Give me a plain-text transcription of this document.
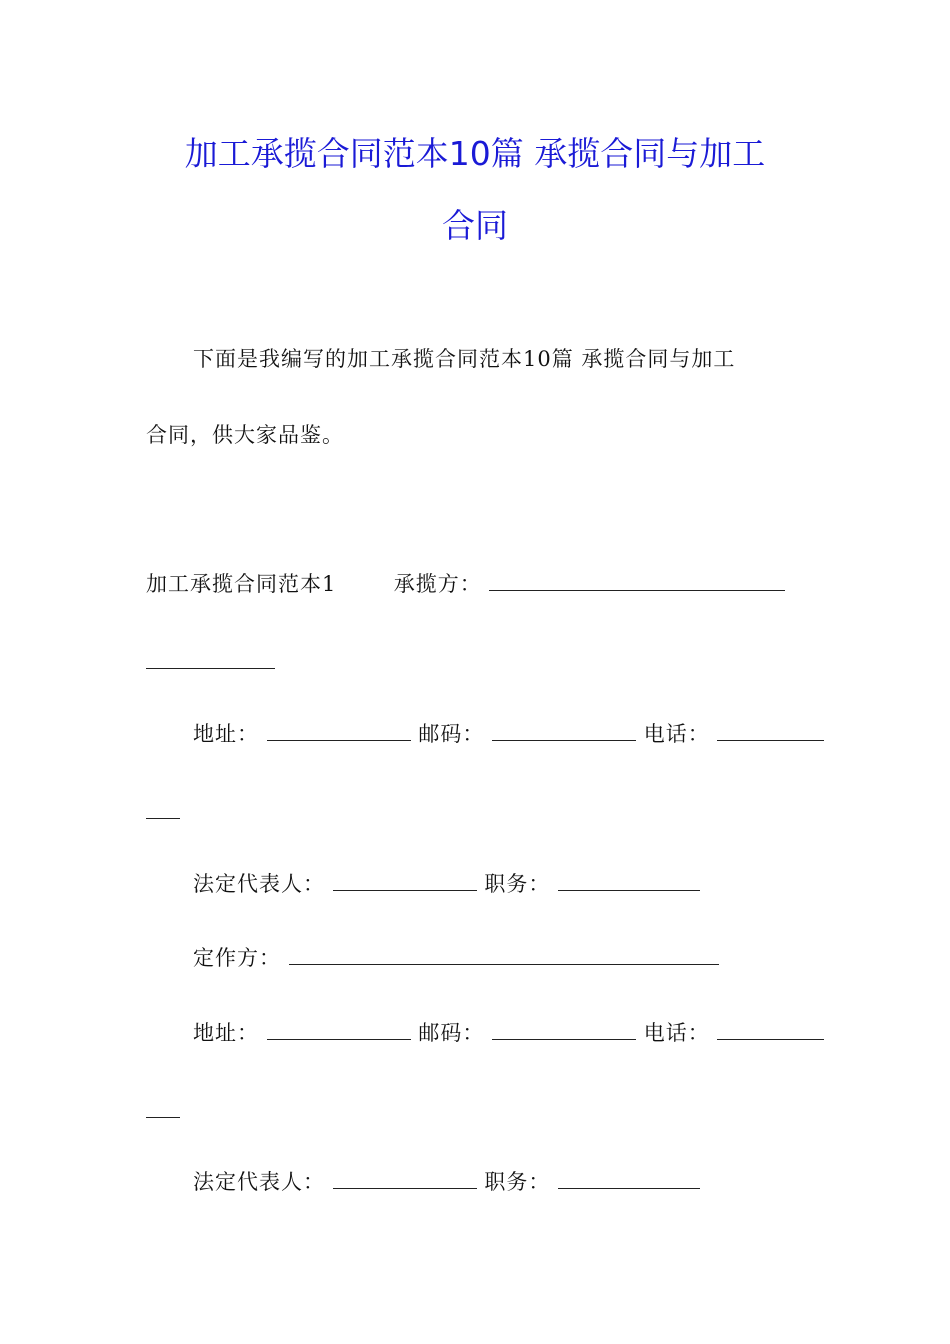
加工承揽合同范本10篇 承揽合同与加工
合同
下面是我编写的加工承揽合同范本10篇 承揽合同与加工
合同，供大家品鉴。
加工承揽合同范本1	承揽方：
地址：	邮码：	电话：
法定代表人：	职务：
定作方：
地址：	邮码：	电话：
法定代表人：	职务：
